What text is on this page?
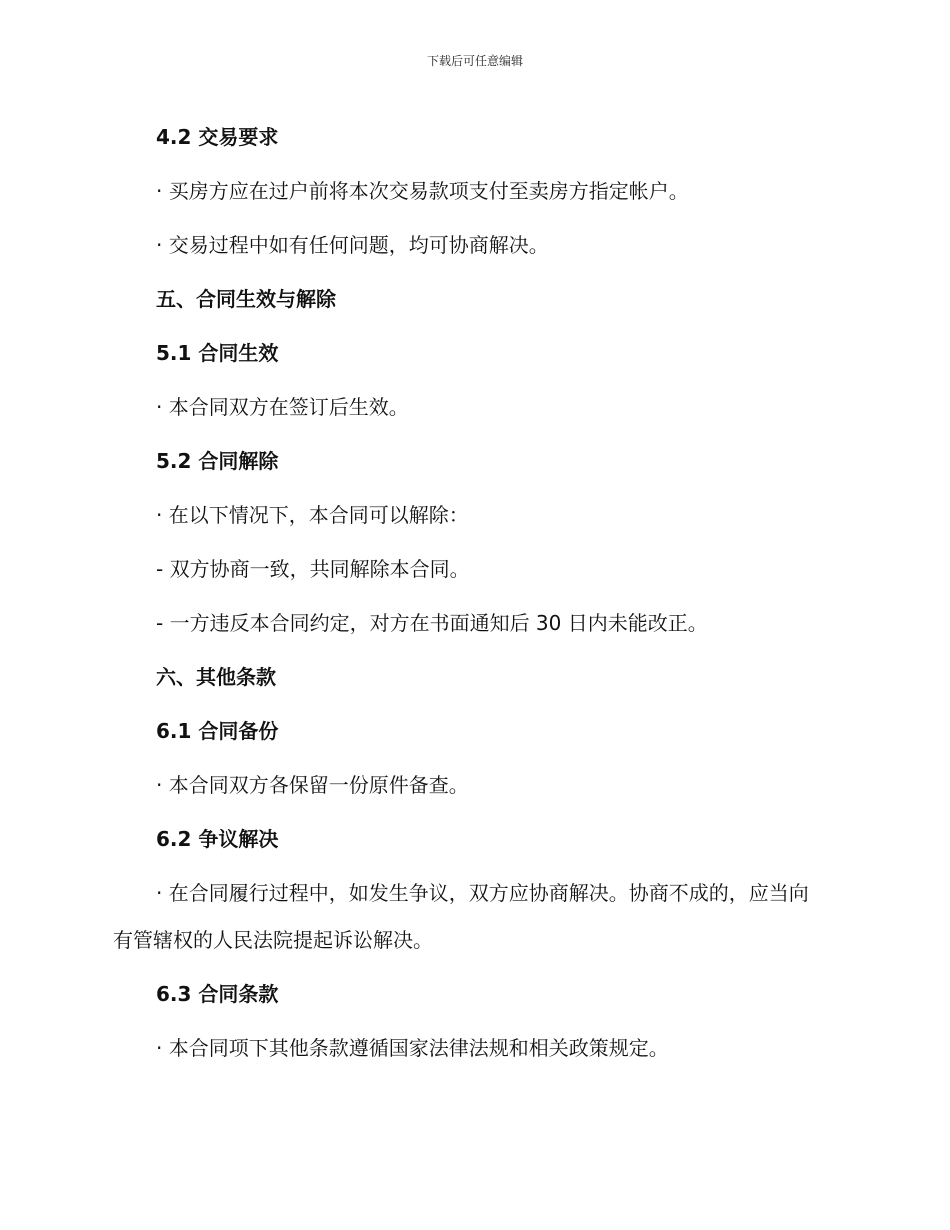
下载后可任意编辑
4.2 交易要求
· 买房方应在过户前将本次交易款项支付至卖房方指定帐户。
· 交易过程中如有任何问题，均可协商解决。
五、合同生效与解除
5.1 合同生效
· 本合同双方在签订后生效。
5.2 合同解除
· 在以下情况下，本合同可以解除：
- 双方协商一致，共同解除本合同。
- 一方违反本合同约定，对方在书面通知后 30 日内未能改正。
六、其他条款
6.1 合同备份
· 本合同双方各保留一份原件备查。
6.2 争议解决
· 在合同履行过程中，如发生争议，双方应协商解决。协商不成的，应当向有管辖权的人民法院提起诉讼解决。
6.3 合同条款
· 本合同项下其他条款遵循国家法律法规和相关政策规定。
